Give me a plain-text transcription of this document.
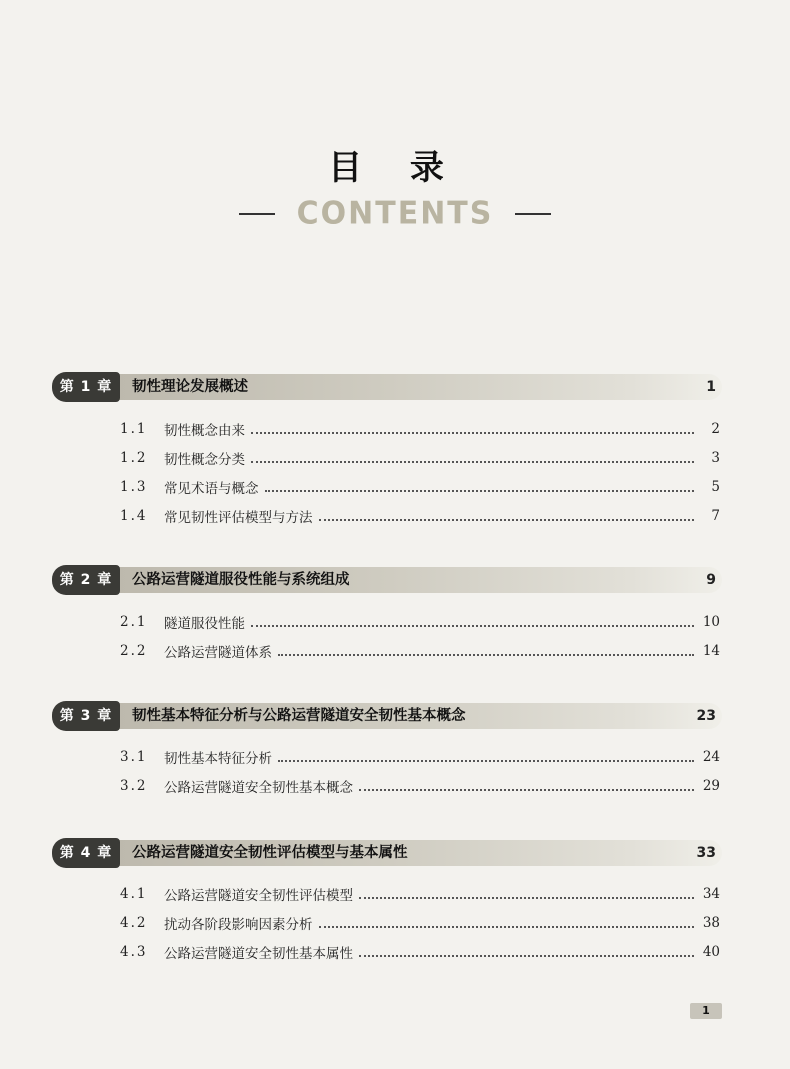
目 录
CONTENTS
第 1 章	韧性理论发展概述	1
1.1	韧性概念由来	2
1.2	韧性概念分类	3
1.3	常见术语与概念	5
1.4	常见韧性评估模型与方法	7
第 2 章	公路运营隧道服役性能与系统组成	9
2.1	隧道服役性能	10
2.2	公路运营隧道体系	14
第 3 章	韧性基本特征分析与公路运营隧道安全韧性基本概念	23
3.1	韧性基本特征分析	24
3.2	公路运营隧道安全韧性基本概念	29
第 4 章	公路运营隧道安全韧性评估模型与基本属性	33
4.1	公路运营隧道安全韧性评估模型	34
4.2	扰动各阶段影响因素分析	38
4.3	公路运营隧道安全韧性基本属性	40
1
